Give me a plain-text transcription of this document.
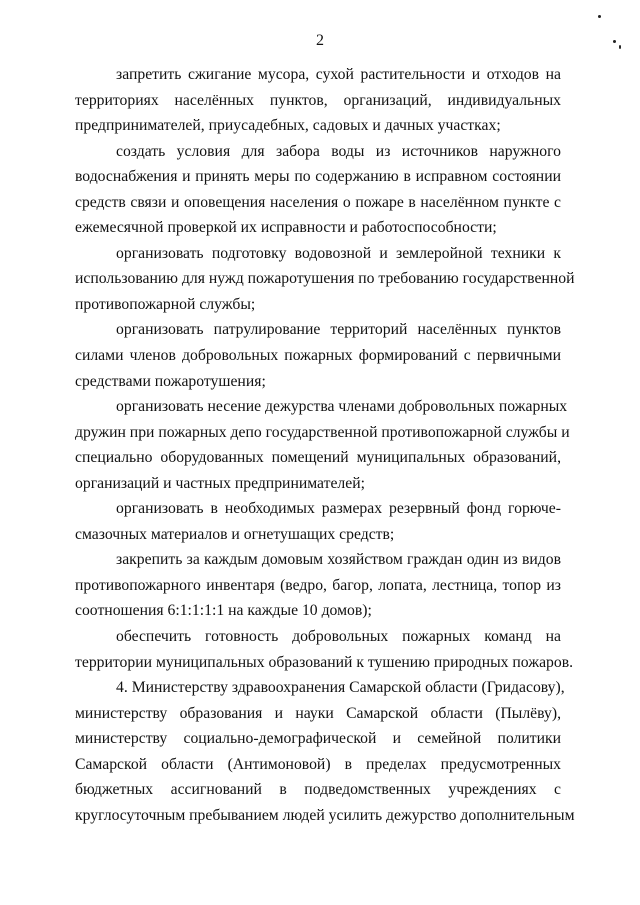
2
запретить сжигание мусора, сухой растительности и отходов на
территориях населённых пунктов, организаций, индивидуальных
предпринимателей, приусадебных, садовых и дачных участках;
создать условия для забора воды из источников наружного
водоснабжения и принять меры по содержанию в исправном состоянии
средств связи и оповещения населения о пожаре в населённом пункте с
ежемесячной проверкой их исправности и работоспособности;
организовать подготовку водовозной и землеройной техники к
использованию для нужд пожаротушения по требованию государственной
противопожарной службы;
организовать патрулирование территорий населённых пунктов
силами членов добровольных пожарных формирований с первичными
средствами пожаротушения;
организовать несение дежурства членами добровольных пожарных
дружин при пожарных депо государственной противопожарной службы и
специально оборудованных помещений муниципальных образований,
организаций и частных предпринимателей;
организовать в необходимых размерах резервный фонд горюче-
смазочных материалов и огнетушащих средств;
закрепить за каждым домовым хозяйством граждан один из видов
противопожарного инвентаря (ведро, багор, лопата, лестница, топор из
соотношения 6:1:1:1:1 на каждые 10 домов);
обеспечить готовность добровольных пожарных команд на
территории муниципальных образований к тушению природных пожаров.
4. Министерству здравоохранения Самарской области (Гридасову),
министерству образования и науки Самарской области (Пылёву),
министерству социально-демографической и семейной политики
Самарской области (Антимоновой) в пределах предусмотренных
бюджетных ассигнований в подведомственных учреждениях с
круглосуточным пребыванием людей усилить дежурство дополнительным
